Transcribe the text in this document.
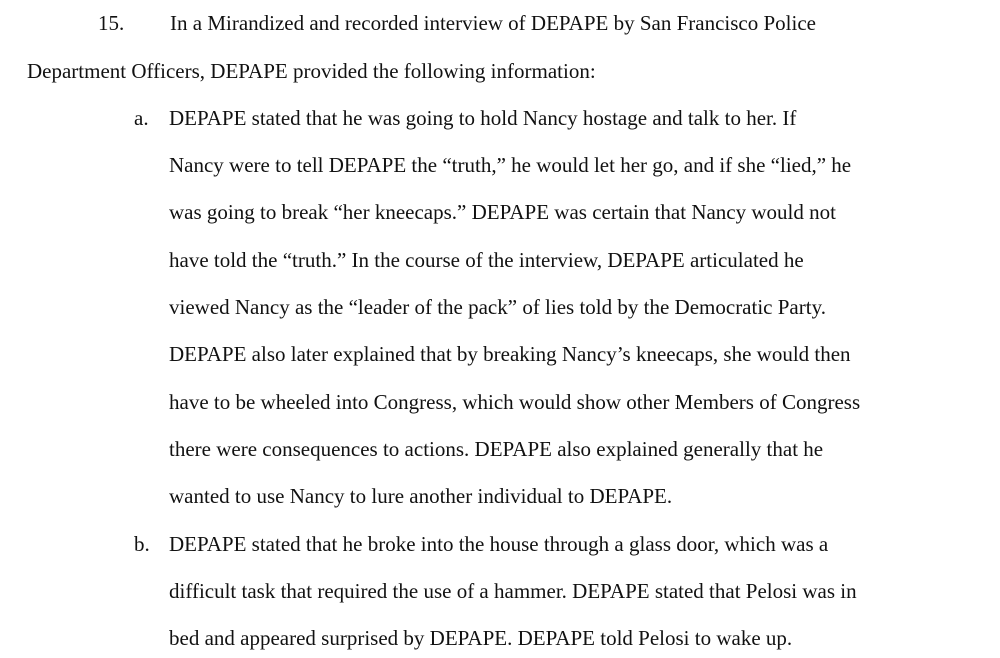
15. In a Mirandized and recorded interview of DEPAPE by San Francisco Police
Department Officers, DEPAPE provided the following information:
a. DEPAPE stated that he was going to hold Nancy hostage and talk to her. If
Nancy were to tell DEPAPE the “truth,” he would let her go, and if she “lied,” he
was going to break “her kneecaps.” DEPAPE was certain that Nancy would not
have told the “truth.” In the course of the interview, DEPAPE articulated he
viewed Nancy as the “leader of the pack” of lies told by the Democratic Party.
DEPAPE also later explained that by breaking Nancy’s kneecaps, she would then
have to be wheeled into Congress, which would show other Members of Congress
there were consequences to actions. DEPAPE also explained generally that he
wanted to use Nancy to lure another individual to DEPAPE.
b. DEPAPE stated that he broke into the house through a glass door, which was a
difficult task that required the use of a hammer. DEPAPE stated that Pelosi was in
bed and appeared surprised by DEPAPE. DEPAPE told Pelosi to wake up.
